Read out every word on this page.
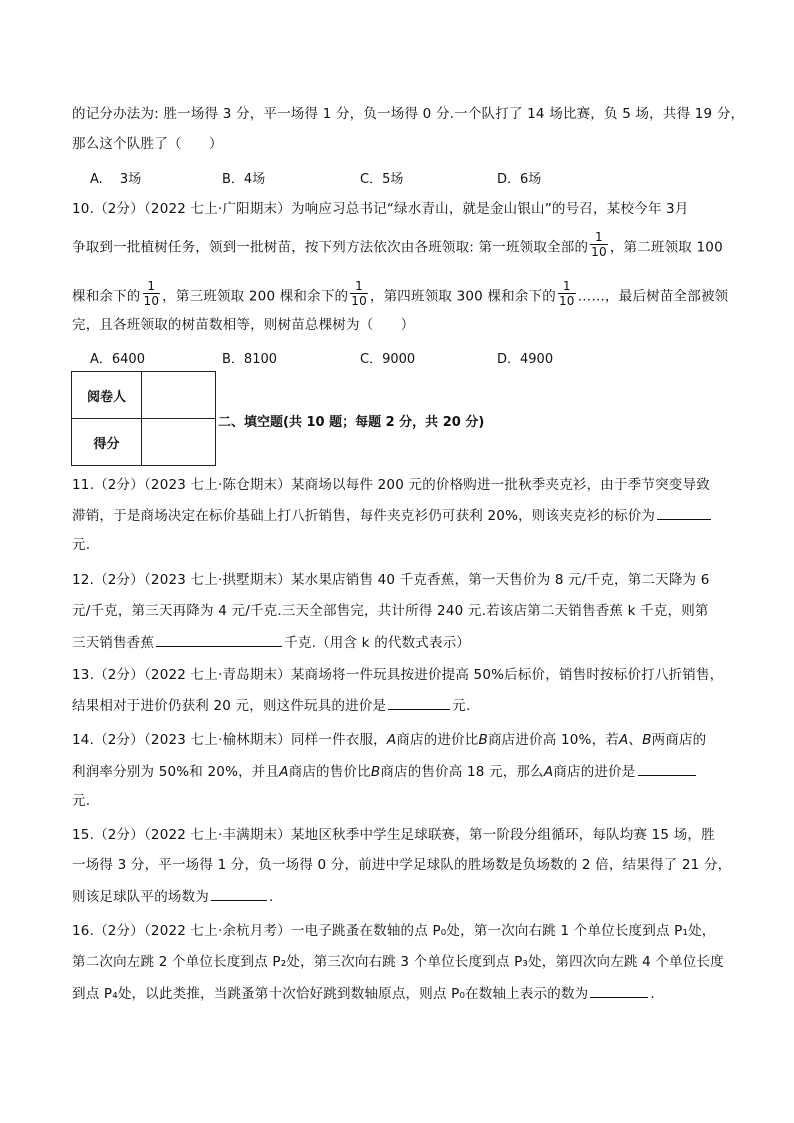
的记分办法为: 胜一场得 3 分，平一场得 1 分，负一场得 0 分.一个队打了 14 场比赛，负 5 场，共得 19 分，
那么这个队胜了（　　）
A.　 3场	B．4场	C．5场	D．6场
10.（2分）（2022 七上·广阳期末）为响应习总书记“绿水青山，就是金山银山”的号召，某校今年 3月
争取到一批植树任务，领到一批树苗，按下列方法依次由各班领取: 第一班领取全部的 $\frac{1}{10}$ ，第二班领取 100
棵和余下的 $\frac{1}{10}$ ，第三班领取 200 棵和余下的 $\frac{1}{10}$ ，第四班领取 300 棵和余下的 $\frac{1}{10}$ ……，最后树苗全部被领
完，且各班领取的树苗数相等，则树苗总棵树为（　　）
A．6400	B．8100	C．9000	D．4900
阅卷人
得分
二、填空题(共 10 题；每题 2 分，共 20 分)
11.（2分）（2023 七上·陈仓期末）某商场以每件 200 元的价格购进一批秋季夹克衫，由于季节突变导致
滞销，于是商场决定在标价基础上打八折销售，每件夹克衫仍可获利 20%，则该夹克衫的标价为
元.
12.（2分）（2023 七上·拱墅期末）某水果店销售 40 千克香蕉，第一天售价为 8 元/千克，第二天降为 6
元/千克，第三天再降为 4 元/千克.三天全部售完，共计所得 240 元.若该店第二天销售香蕉 k 千克，则第
三天销售香蕉	千克.（用含 k 的代数式表示）
13.（2分）（2022 七上·青岛期末）某商场将一件玩具按进价提高 50%后标价，销售时按标价打八折销售，
结果相对于进价仍获利 20 元，则这件玩具的进价是	元.
14.（2分）（2023 七上·榆林期末）同样一件衣服，A商店的进价比B商店进价高 10%，若A、B两商店的
利润率分别为 50%和 20%，并且A商店的售价比B商店的售价高 18 元，那么A商店的进价是
元.
15.（2分）（2022 七上·丰满期末）某地区秋季中学生足球联赛，第一阶段分组循环，每队均赛 15 场，胜
一场得 3 分，平一场得 1 分，负一场得 0 分，前进中学足球队的胜场数是负场数的 2 倍，结果得了 21 分，
则该足球队平的场数为	.
16.（2分）（2022 七上·余杭月考）一电子跳蚤在数轴的点 P₀处，第一次向右跳 1 个单位长度到点 P₁处，
第二次向左跳 2 个单位长度到点 P₂处，第三次向右跳 3 个单位长度到点 P₃处，第四次向左跳 4 个单位长度
到点 P₄处，以此类推，当跳蚤第十次恰好跳到数轴原点，则点 P₀在数轴上表示的数为	.
